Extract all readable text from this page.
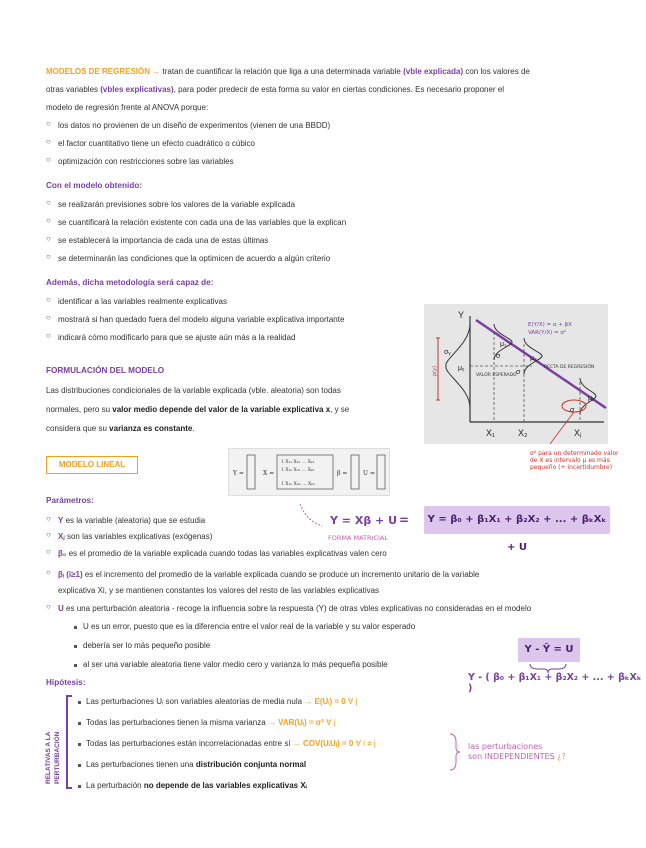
MODELOS DE REGRESIÓN → tratan de cuantificar la relación que liga a una determinada variable (vble explicada) con los valores de
otras variables (vbles explicativas), para poder predecir de esta forma su valor en ciertas condiciones. Es necesario proponer el
modelo de regresión frente al ANOVA porque:
○ los datos no provienen de un diseño de experimentos (vienen de una BBDD)
○ el factor cuantitativo tiene un efecto cuadrático o cúbico
○ optimización con restricciones sobre las variables
Con el modelo obtenido:
○ se realizarán previsiones sobre los valores de la variable explicada
○ se cuantificará la relación existente con cada una de las variables que la explican
○ se establecerá la importancia de cada una de estas últimas
○ se determinarán las condiciones que la optimicen de acuerdo a algún criterio
Además, dicha metodología será capaz de:
○ identificar a las variables realmente explicativas
○ mostrará si han quedado fuera del modelo alguna variable explicativa importante
○ indicará cómo modificarlo para que se ajuste aún más a la realidad
FORMULACIÓN DEL MODELO
Las distribuciones condicionales de la variable explicada (vble. aleatoria) son todas
normales, pero su valor medio depende del valor de la variable explicativa x, y se
considera que su varianza es constante.
Y
X₁	X₂	Xⱼ
μ₁
μ₂
μⱼ
σ
σ
σ
σᵧ
μᵧ
E(Y/X) = α + βX
VAR(Y/X) = σ²
VALOR ESPERADO
RECTA DE REGRESIÓN
p(y)
σ² para un determinado valor de X es intervalo μ es más pequeño (+ incertidumbre)
MODELO LINEAL
Y =	X =
1 X₁₁ X₂₁ … Xₖ₁
1 X₁₂ X₂₂ … Xₖ₂
1 X₁ₙ X₂ₙ … Xₖₙ
β =	U =
Y = Xβ + U
FORMA MATRICIAL
=	Y = β₀ + β₁X₁ + β₂X₂ + ... + βₖXₖ + U
Parámetros:
○ Y es la variable (aleatoria) que se estudia
○ Xⱼ son las variables explicativas (exógenas)
○ β₀ es el promedio de la variable explicada cuando todas las variables explicativas valen cero
○ βᵢ (i≥1) es el incremento del promedio de la variable explicada cuando se produce un incremento unitario de la variable
explicativa Xi, y se mantienen constantes los valores del resto de las variables explicativas
○ U es una perturbación aleatoria - recoge la influencia sobre la respuesta (Y) de otras vbles explicativas no consideradas en el modelo
U es un error, puesto que es la diferencia entre el valor real de la variable y su valor esperado
debería ser lo más pequeño posible
al ser una variable aleatoria tiene valor medio cero y varianza lo más pequeña posible
Y - Ŷ = U
Y - ( β₀ + β₁X₁ + β₂X₂ + ... + βₖXₖ )
Hipótesis:
RELATIVAS A LA PERTURBACIÓN
Las perturbaciones Uᵢ son variables aleatorias de media nula → E(Uᵢ) = 0 ∀ j
Todas las perturbaciones tienen la misma varianza → VAR(Uᵢ) = σ² ∀ j
Todas las perturbaciones están incorrelacionadas entre sí → COV(UᵢUⱼ) = 0 ∀ i ≠ j
Las perturbaciones tienen una distribución conjunta normal
La perturbación no depende de las variables explicativas Xᵢ
las perturbaciones
son INDEPENDIENTES ¿?
